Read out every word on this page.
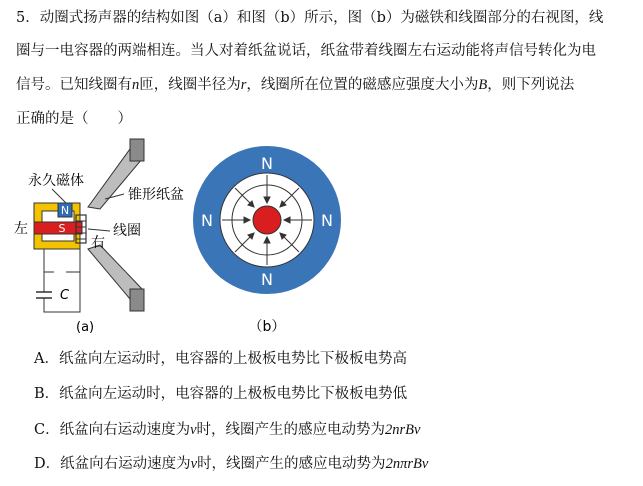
5．动圈式扬声器的结构如图（a）和图（b）所示，图（b）为磁铁和线圈部分的右视图，线
圈与一电容器的两端相连。当人对着纸盆说话，纸盆带着线圈左右运动能将声信号转化为电
信号。已知线圈有n匝，线圈半径为r，线圈所在位置的磁感应强度大小为B，则下列说法
正确的是（　　）
N
S
C
永久磁体
锥形纸盆
线圈
左
右
(a)
N
N	N
N
（b）
A．纸盆向左运动时，电容器的上极板电势比下极板电势高
B．纸盆向左运动时，电容器的上极板电势比下极板电势低
C．纸盆向右运动速度为v时，线圈产生的感应电动势为2nrBv
D．纸盆向右运动速度为v时，线圈产生的感应电动势为2nπrBv
